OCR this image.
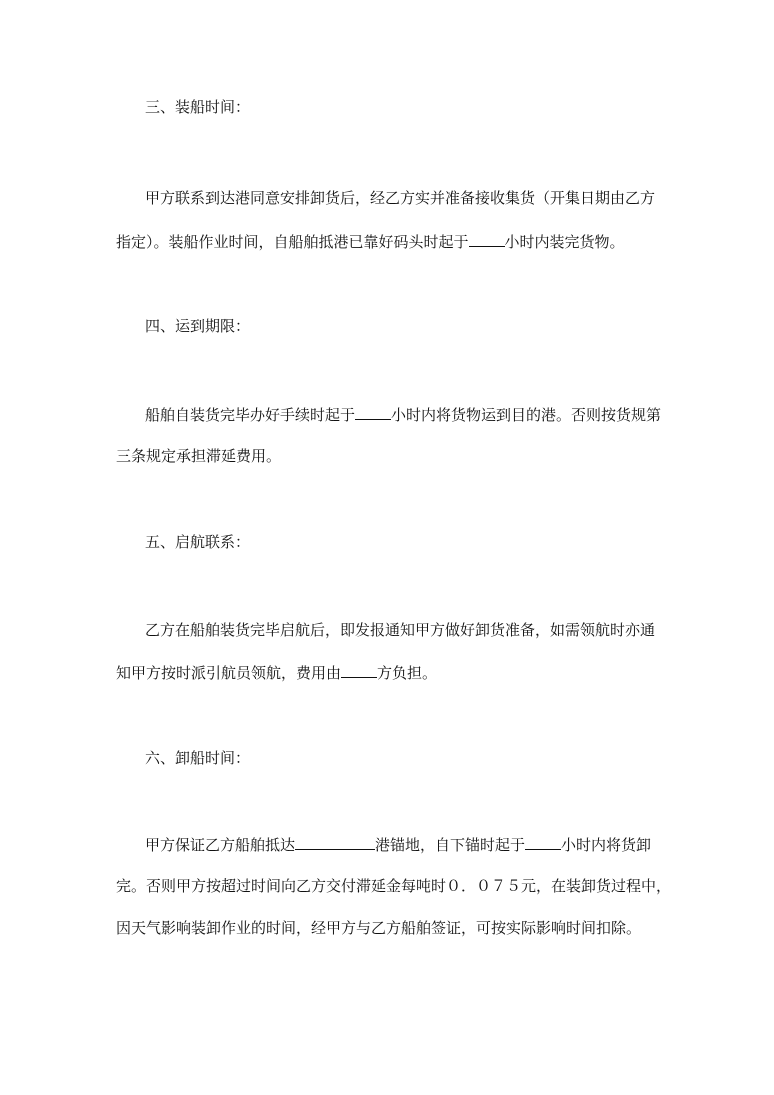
三、装船时间：
甲方联系到达港同意安排卸货后，经乙方实并准备接收集货（开集日期由乙方
指定）。装船作业时间，自船舶抵港已靠好码头时起于 小时内装完货物。
四、运到期限：
船舶自装货完毕办好手续时起于 小时内将货物运到目的港。否则按货规第
三条规定承担滞延费用。
五、启航联系：
乙方在船舶装货完毕启航后，即发报通知甲方做好卸货准备，如需领航时亦通
知甲方按时派引航员领航，费用由 方负担。
六、卸船时间：
甲方保证乙方船舶抵达	港锚地，自下锚时起于 小时内将货卸
完。否则甲方按超过时间向乙方交付滞延金每吨时０．０７５元，在装卸货过程中，
因天气影响装卸作业的时间，经甲方与乙方船舶签证，可按实际影响时间扣除。
